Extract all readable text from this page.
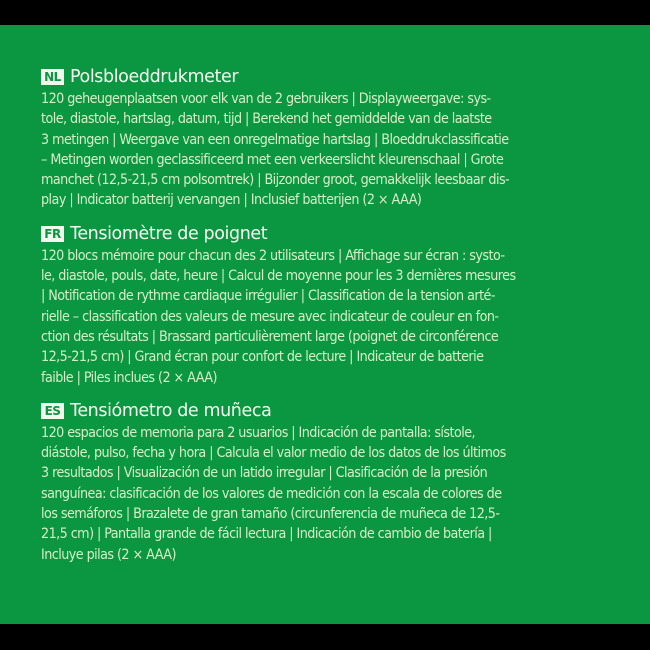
NL Polsbloeddrukmeter
120 geheugenplaatsen voor elk van de 2 gebruikers | Displayweergave: sys-
tole, diastole, hartslag, datum, tijd | Berekend het gemiddelde van de laatste
3 metingen | Weergave van een onregelmatige hartslag | Bloeddrukclassificatie
– Metingen worden geclassificeerd met een verkeerslicht kleurenschaal | Grote
manchet (12,5-21,5 cm polsomtrek) | Bijzonder groot, gemakkelijk leesbaar dis-
play | Indicator batterij vervangen | Inclusief batterijen (2 × AAA)
FR Tensiomètre de poignet
120 blocs mémoire pour chacun des 2 utilisateurs | Affichage sur écran : systo-
le, diastole, pouls, date, heure | Calcul de moyenne pour les 3 dernières mesures
| Notification de rythme cardiaque irrégulier | Classification de la tension arté-
rielle – classification des valeurs de mesure avec indicateur de couleur en fon-
ction des résultats | Brassard particulièrement large (poignet de circonférence
12,5-21,5 cm) | Grand écran pour confort de lecture | Indicateur de batterie
faible | Piles inclues (2 × AAA)
ES Tensiómetro de muñeca
120 espacios de memoria para 2 usuarios | Indicación de pantalla: sístole,
diástole, pulso, fecha y hora | Calcula el valor medio de los datos de los últimos
3 resultados | Visualización de un latido irregular | Clasificación de la presión
sanguínea: clasificación de los valores de medición con la escala de colores de
los semáforos | Brazalete de gran tamaño (circunferencia de muñeca de 12,5-
21,5 cm) | Pantalla grande de fácil lectura | Indicación de cambio de batería |
Incluye pilas (2 × AAA)
